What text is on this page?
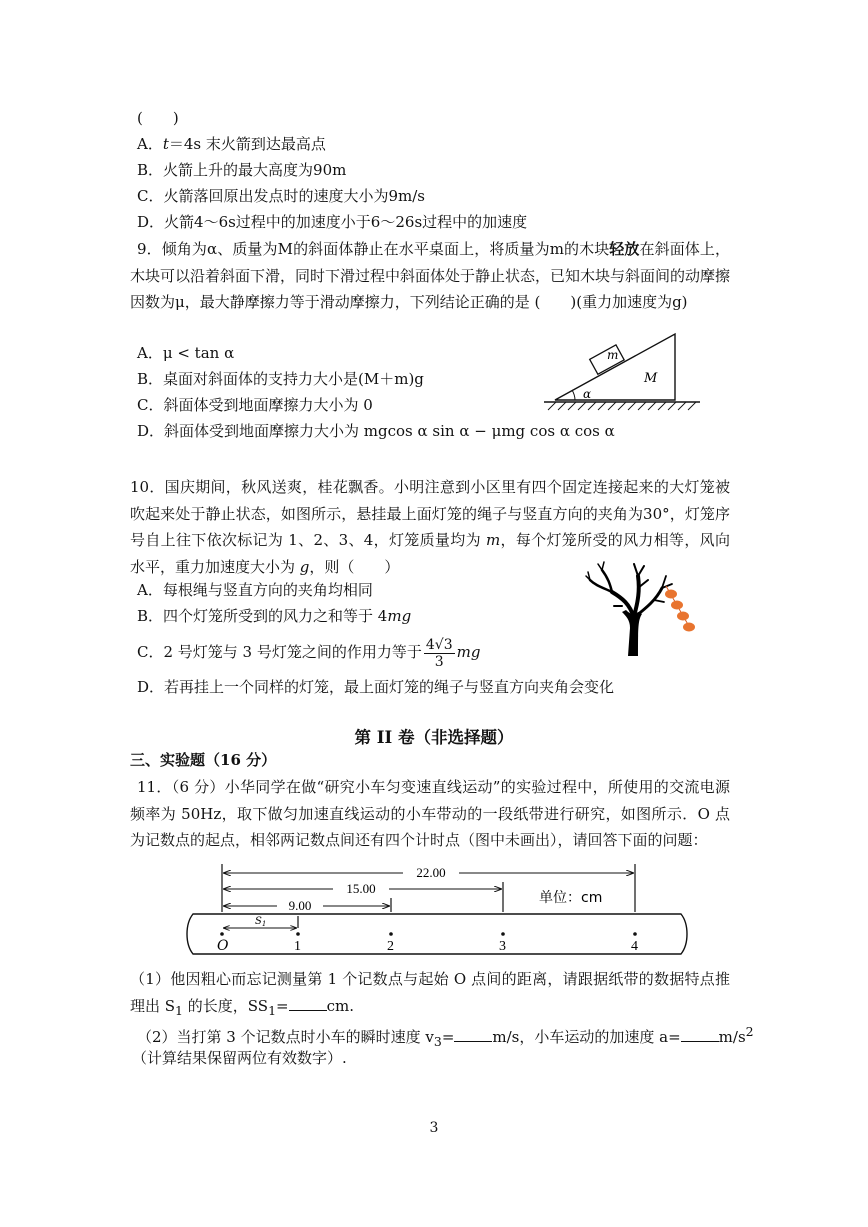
(　　)
A．t＝4s 末火箭到达最高点
B．火箭上升的最大高度为90m
C．火箭落回原出发点时的速度大小为9m/s
D．火箭4～6s过程中的加速度小于6～26s过程中的加速度
9．倾角为α、质量为M的斜面体静止在水平桌面上，将质量为m的木块轻放在斜面体上，木块可以沿着斜面下滑，同时下滑过程中斜面体处于静止状态，已知木块与斜面间的动摩擦因数为μ，最大静摩擦力等于滑动摩擦力，下列结论正确的是 (　　)(重力加速度为g)
A．μ < tan α
B．桌面对斜面体的支持力大小是(M＋m)g
C．斜面体受到地面摩擦力大小为 0
D．斜面体受到地面摩擦力大小为 mgcos α sin α − μmg cos α cos α
m
M
α
10．国庆期间，秋风送爽，桂花飘香。小明注意到小区里有四个固定连接起来的大灯笼被吹起来处于静止状态，如图所示，悬挂最上面灯笼的绳子与竖直方向的夹角为30°，灯笼序号自上往下依次标记为 1、2、3、4，灯笼质量均为 m，每个灯笼所受的风力相等，风向水平，重力加速度大小为 g，则（　　）
A．每根绳与竖直方向的夹角均相同
B．四个灯笼所受到的风力之和等于 4mg
C．2 号灯笼与 3 号灯笼之间的作用力等于 $\frac{4√3}{3}$ mg
D．若再挂上一个同样的灯笼，最上面灯笼的绳子与竖直方向夹角会变化
第 II 卷（非选择题）
三、实验题（16 分）
11．（6 分）小华同学在做“研究小车匀变速直线运动”的实验过程中，所使用的交流电源频率为 50Hz，取下做匀加速直线运动的小车带动的一段纸带进行研究，如图所示．O 点为记数点的起点，相邻两记数点间还有四个计时点（图中未画出），请回答下面的问题：
22.00
15.00
9.00	单位：cm
$S_1$
O	1	2	3	4
（1）他因粗心而忘记测量第 1 个记数点与起始 O 点间的距离，请跟据纸带的数据特点推理出 $S_1$ 的长度，$SS_1=$	cm.
（2）当打第 3 个记数点时小车的瞬时速度 $v_3=$	m/s，小车运动的加速度 a=	$m/s^2$
（计算结果保留两位有效数字）.
3
